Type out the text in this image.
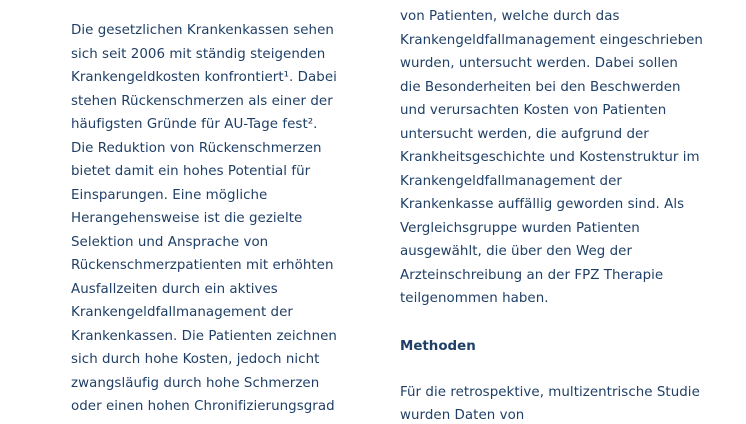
Die gesetzlichen Krankenkassen sehen
sich seit 2006 mit ständig steigenden
Krankengeldkosten konfrontiert¹. Dabei
stehen Rückenschmerzen als einer der
häufigsten Gründe für AU-Tage fest².
Die Reduktion von Rückenschmerzen
bietet damit ein hohes Potential für
Einsparungen. Eine mögliche
Herangehensweise ist die gezielte
Selektion und Ansprache von
Rückenschmerzpatienten mit erhöhten
Ausfallzeiten durch ein aktives
Krankengeldfallmanagement der
Krankenkassen. Die Patienten zeichnen
sich durch hohe Kosten, jedoch nicht
zwangsläufig durch hohe Schmerzen
oder einen hohen Chronifizierungsgrad
von Patienten, welche durch das
Krankengeldfallmanagement eingeschrieben
wurden, untersucht werden. Dabei sollen
die Besonderheiten bei den Beschwerden
und verursachten Kosten von Patienten
untersucht werden, die aufgrund der
Krankheitsgeschichte und Kostenstruktur im
Krankengeldfallmanagement der
Krankenkasse auffällig geworden sind. Als
Vergleichsgruppe wurden Patienten
ausgewählt, die über den Weg der
Arzteinschreibung an der FPZ Therapie
teilgenommen haben.
Methoden
Für die retrospektive, multizentrische Studie
wurden Daten von
